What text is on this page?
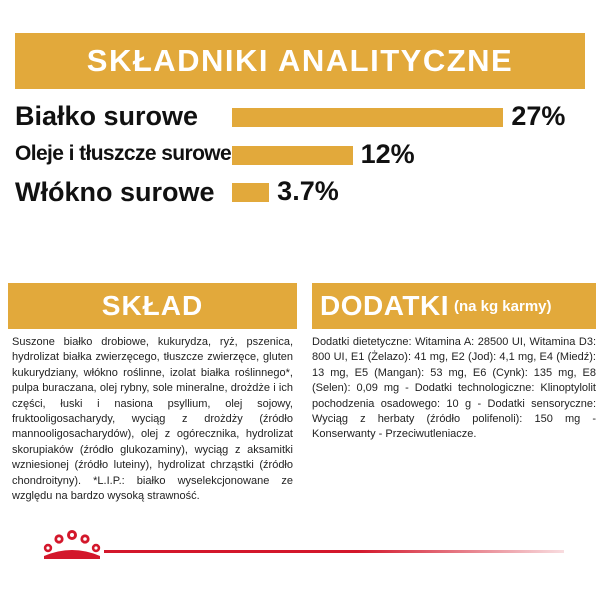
SKŁADNIKI ANALITYCZNE
Białko surowe	27%
Oleje i tłuszcze surowe	12%
Włókno surowe 3.7%
SKŁAD

Suszone białko drobiowe, kukurydza, ryż, pszenica, hydrolizat białka zwierzęcego, tłuszcze zwierzęce, gluten kukurydziany, włókno roślinne, izolat białka roślinnego*, pulpa buraczana, olej rybny, sole mineralne, drożdże i ich części, łuski i nasiona psyllium, olej sojowy, fruktooligosacharydy, wyciąg z drożdży (źródło mannooligosacharydów), olej z ogórecznika, hydrolizat skorupiaków (źródło glukozaminy), wyciąg z aksamitki wzniesionej (źródło luteiny), hydrolizat chrząstki (źródło chondroityny). *L.I.P.: białko wyselekcjonowane ze względu na bardzo wysoką strawność.

DODATKI (na kg karmy)

Dodatki dietetyczne: Witamina A: 28500 UI, Witamina D3: 800 UI, E1 (Żelazo): 41 mg, E2 (Jod): 4,1 mg, E4 (Miedź): 13 mg, E5 (Mangan): 53 mg, E6 (Cynk): 135 mg, E8 (Selen): 0,09 mg - Dodatki technologiczne: Klinoptylolit pochodzenia osadowego: 10 g - Dodatki sensoryczne: Wyciąg z herbaty (źródło polifenoli): 150 mg - Konserwanty - Przeciwutleniacze.
